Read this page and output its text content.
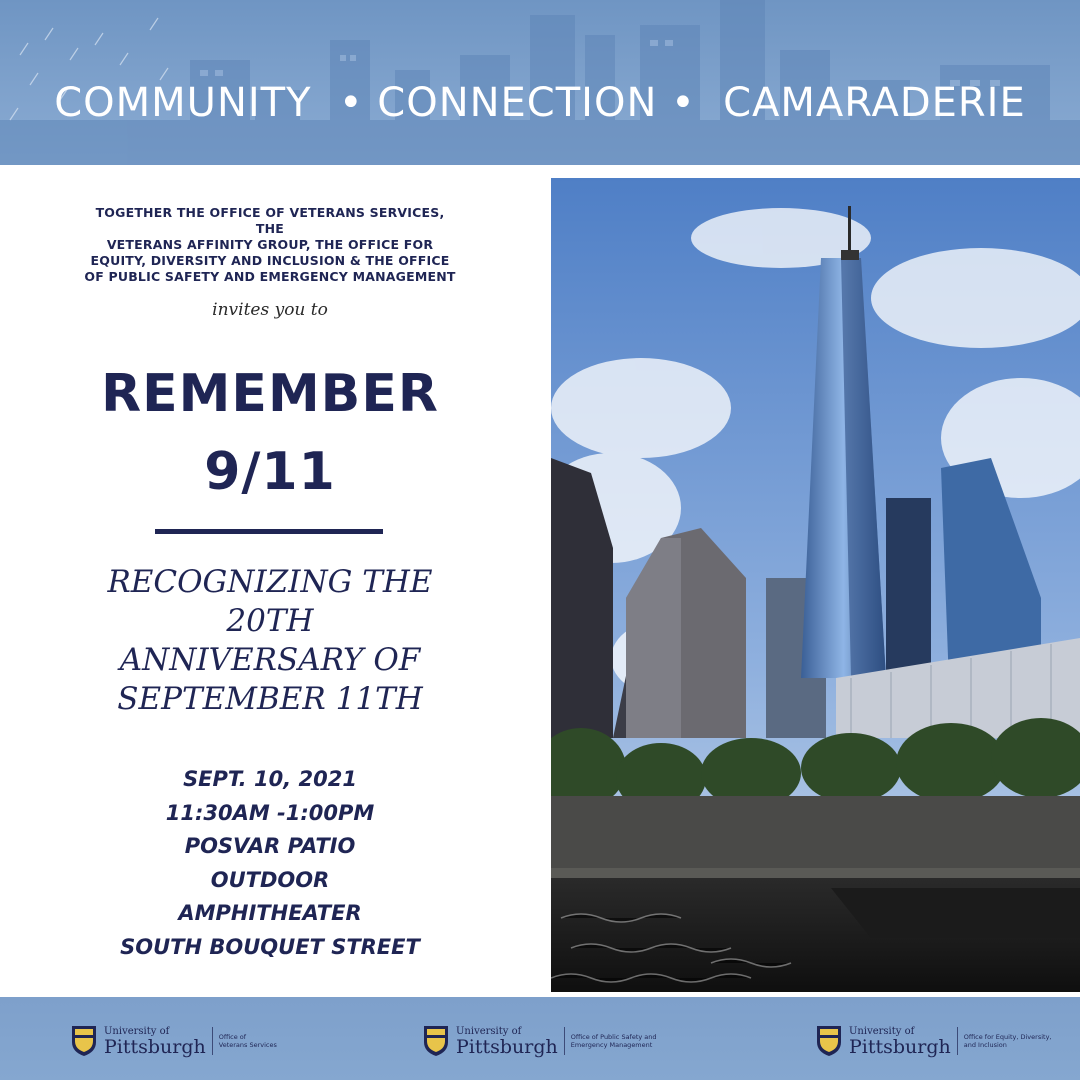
COMMUNITY  • CONNECTION •  CAMARADERIE
TOGETHER THE OFFICE OF VETERANS SERVICES, THE
VETERANS AFFINITY GROUP, THE OFFICE FOR
EQUITY, DIVERSITY AND INCLUSION & THE OFFICE
OF PUBLIC SAFETY AND EMERGENCY MANAGEMENT
invites you to
REMEMBER
9/11
RECOGNIZING THE
20TH
ANNIVERSARY OF
SEPTEMBER 11TH
SEPT. 10, 2021
11:30AM -1:00PM
POSVAR PATIO
OUTDOOR
AMPHITHEATER
SOUTH BOUQUET STREET
University of
Pittsburgh Office of
Veterans Services
University of
Pittsburgh Office of Public Safety and
Emergency Management
University of
Pittsburgh Office for Equity, Diversity,
and Inclusion
